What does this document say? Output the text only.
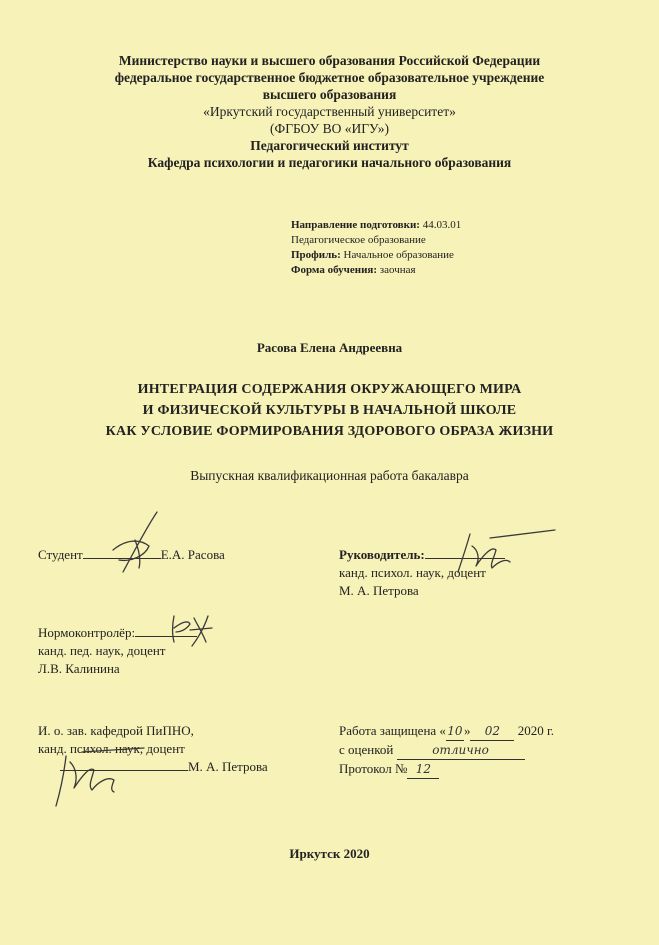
Министерство науки и высшего образования Российской Федерации
федеральное государственное бюджетное образовательное учреждение
высшего образования
«Иркутский государственный университет»
(ФГБОУ ВО «ИГУ»)
Педагогический институт
Кафедра психологии и педагогики начального образования
Направление подготовки: 44.03.01
Педагогическое образование
Профиль: Начальное образование
Форма обучения: заочная
Расова Елена Андреевна
ИНТЕГРАЦИЯ СОДЕРЖАНИЯ ОКРУЖАЮЩЕГО МИРА
И ФИЗИЧЕСКОЙ КУЛЬТУРЫ В НАЧАЛЬНОЙ ШКОЛЕ
КАК УСЛОВИЕ ФОРМИРОВАНИЯ ЗДОРОВОГО ОБРАЗА ЖИЗНИ
Выпускная квалификационная работа бакалавра
Студент	Е.А. Расова	Руководитель:
канд. психол. наук, доцент
М. А. Петрова
Нормоконтролёр:
канд. пед. наук, доцент
Л.В. Калинина
И. о. зав. кафедрой ПиПНО,
канд. психол. наук, доцент
М. А. Петрова
Работа защищена «10» 02 2020 г.
с оценкой	отлично
Протокол № 12
Иркутск 2020
